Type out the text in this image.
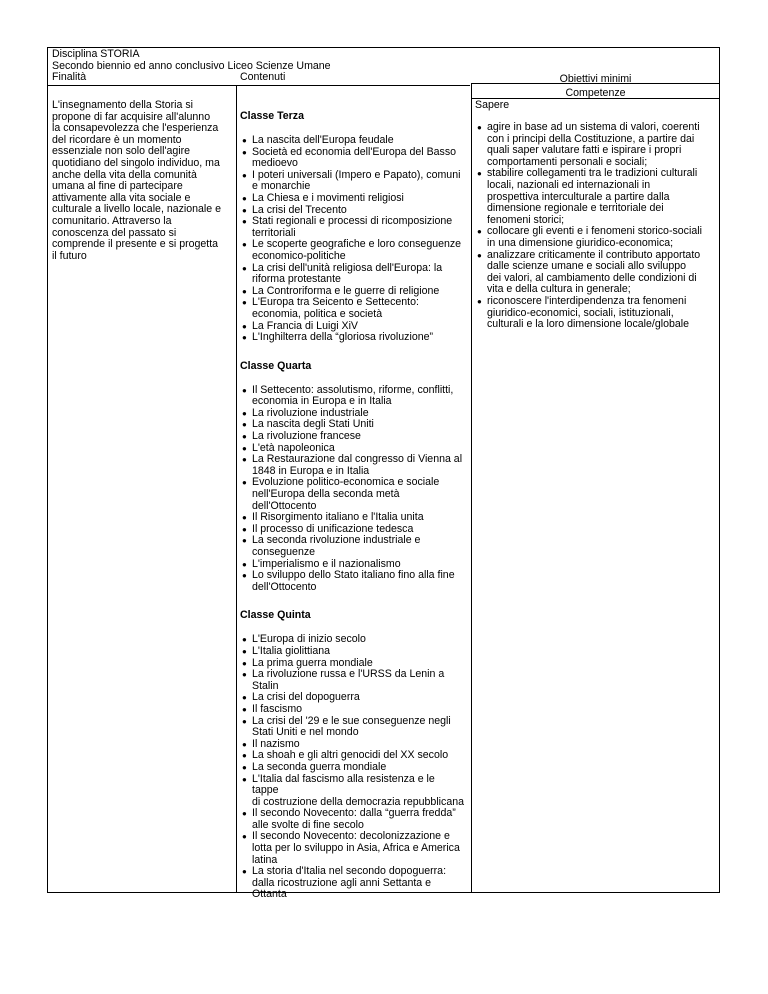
Disciplina STORIA
Secondo biennio ed anno conclusivo Liceo Scienze Umane
Finalità	Contenuti	Obiettivi minimi
Competenze
L'insegnamento della Storia si
propone di far acquisire all'alunno
la consapevolezza che l'esperienza
del ricordare è un momento
essenziale non solo dell'agire
quotidiano del singolo individuo, ma
anche della vita della comunità
umana al fine di partecipare
attivamente alla vita sociale e
culturale a livello locale, nazionale e
comunitario. Attraverso la
conoscenza del passato si
comprende il presente e si progetta
il futuro
Classe Terza
● La nascita dell'Europa feudale
● Società ed economia dell'Europa del Basso
medioevo
● I poteri universali (Impero e Papato), comuni
e monarchie
● La Chiesa e i movimenti religiosi
● La crisi del Trecento
● Stati regionali e processi di ricomposizione
territoriali
● Le scoperte geografiche e loro conseguenze
economico-politiche
● La crisi dell'unità religiosa dell'Europa: la
riforma protestante
● La Controriforma e le guerre di religione
● L'Europa tra Seicento e Settecento:
economia, politica e società
● La Francia di Luigi XiV
● L'Inghilterra della “gloriosa rivoluzione”
Classe Quarta
● Il Settecento: assolutismo, riforme, conflitti,
economia in Europa e in Italia
● La rivoluzione industriale
● La nascita degli Stati Uniti
● La rivoluzione francese
● L'età napoleonica
● La Restaurazione dal congresso di Vienna al
1848 in Europa e in Italia
● Evoluzione politico-economica e sociale
nell'Europa della seconda metà
dell'Ottocento
● Il Risorgimento italiano e l'Italia unita
● Il processo di unificazione tedesca
● La seconda rivoluzione industriale e
conseguenze
● L'imperialismo e il nazionalismo
● Lo sviluppo dello Stato italiano fino alla fine
dell'Ottocento
Classe Quinta
● L'Europa di inizio secolo
● L'Italia giolittiana
● La prima guerra mondiale
● La rivoluzione russa e l'URSS da Lenin a
Stalin
● La crisi del dopoguerra
● Il fascismo
● La crisi del '29 e le sue conseguenze negli
Stati Uniti e nel mondo
● Il nazismo
● La shoah e gli altri genocidi del XX secolo
● La seconda guerra mondiale
● L'Italia dal fascismo alla resistenza e le tappe
di costruzione della democrazia repubblicana
● Il secondo Novecento: dalla “guerra fredda”
alle svolte di fine secolo
● Il secondo Novecento: decolonizzazione e
lotta per lo sviluppo in Asia, Africa e America
latina
● La storia d'Italia nel secondo dopoguerra:
dalla ricostruzione agli anni Settanta e
Ottanta
Sapere
● agire in base ad un sistema di valori, coerenti
con i principi della Costituzione, a partire dai
quali saper valutare fatti e ispirare i propri
comportamenti personali e sociali;
● stabilire collegamenti tra le tradizioni culturali
locali, nazionali ed internazionali in
prospettiva interculturale a partire dalla
dimensione regionale e territoriale dei
fenomeni storici;
● collocare gli eventi e i fenomeni storico-sociali
in una dimensione giuridico-economica;
● analizzare criticamente il contributo apportato
dalle scienze umane e sociali allo sviluppo
dei valori, al cambiamento delle condizioni di
vita e della cultura in generale;
● riconoscere l'interdipendenza tra fenomeni
giuridico-economici, sociali, istituzionali,
culturali e la loro dimensione locale/globale
